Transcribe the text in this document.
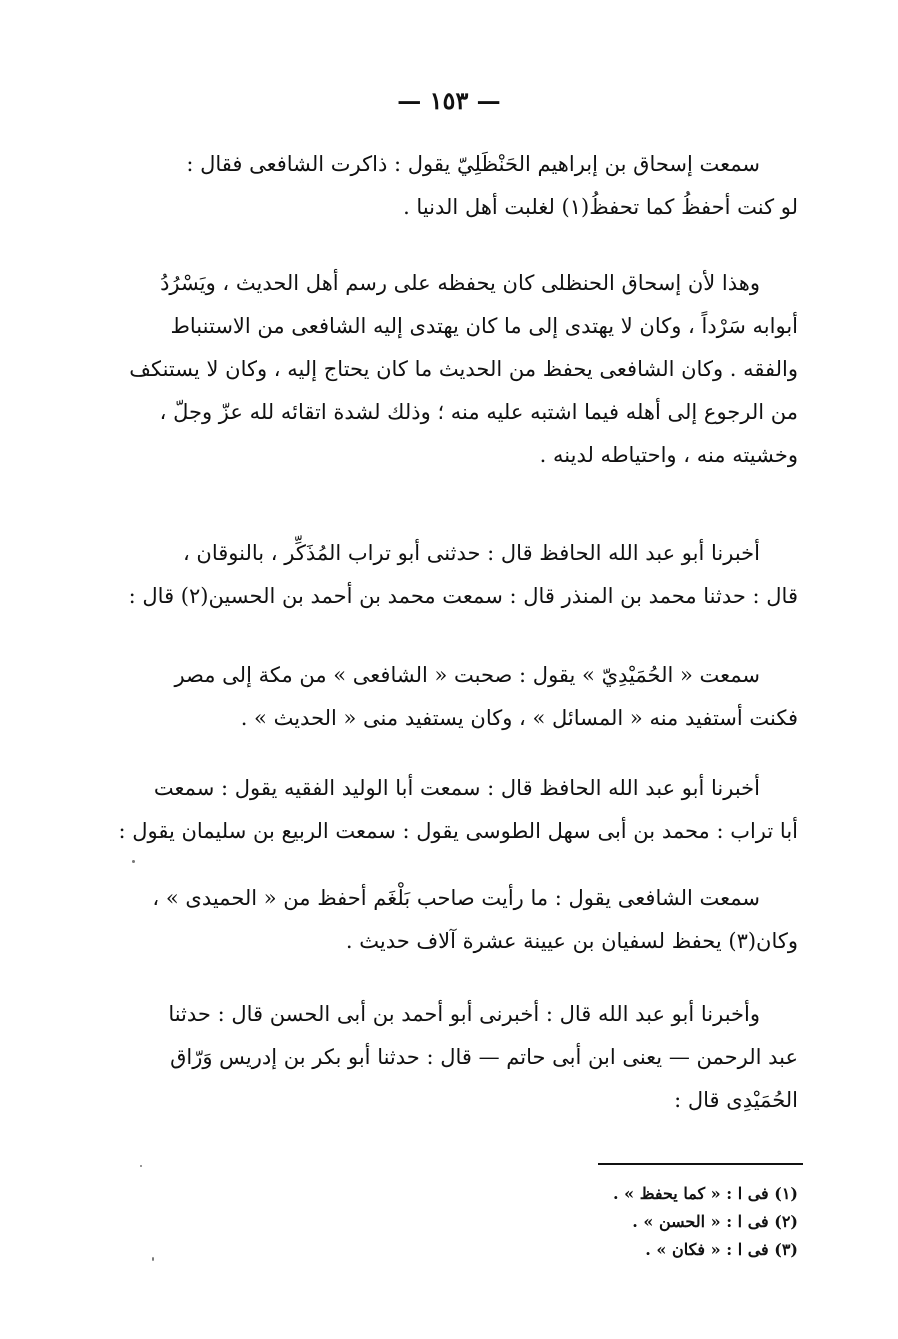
— ١٥٣ —
سمعت إسحاق بن إبراهيم الحَنْظَلِيّ يقول : ذاكرت الشافعى فقال :
لو كنت أحفظُ كما تحفظُ(١) لغلبت أهل الدنيا .
وهذا لأن إسحاق الحنظلى كان يحفظه على رسم أهل الحديث ، ويَسْرُدُ
أبوابه سَرْداً ، وكان لا يهتدى إلى ما كان يهتدى إليه الشافعى من الاستنباط
والفقه . وكان الشافعى يحفظ من الحديث ما كان يحتاج إليه ، وكان لا يستنكف
من الرجوع إلى أهله فيما اشتبه عليه منه ؛ وذلك لشدة اتقائه لله عزّ وجلّ ،
وخشيته منه ، واحتياطه لدينه .
أخبرنا أبو عبد الله الحافظ قال : حدثنى أبو تراب المُذَكِّر ، بالنوقان ،
قال : حدثنا محمد بن المنذر قال : سمعت محمد بن أحمد بن الحسين(٢) قال :
سمعت « الحُمَيْدِيّ » يقول : صحبت « الشافعى » من مكة إلى مصر
فكنت أستفيد منه « المسائل » ، وكان يستفيد منى « الحديث » .
أخبرنا أبو عبد الله الحافظ قال : سمعت أبا الوليد الفقيه يقول : سمعت
أبا تراب : محمد بن أبى سهل الطوسى يقول : سمعت الربيع بن سليمان يقول :
سمعت الشافعى يقول : ما رأيت صاحب بَلْغَم أحفظ من « الحميدى » ،
وكان(٣) يحفظ لسفيان بن عيينة عشرة آلاف حديث .
وأخبرنا أبو عبد الله قال : أخبرنى أبو أحمد بن أبى الحسن قال : حدثنا
عبد الرحمن — يعنى ابن أبى حاتم — قال : حدثنا أبو بكر بن إدريس وَرّاق
الحُمَيْدِى قال :
(١) فى ا : « كما يحفظ » .
(٢) فى ا : « الحسن » .
(٣) فى ا : « فكان » .
